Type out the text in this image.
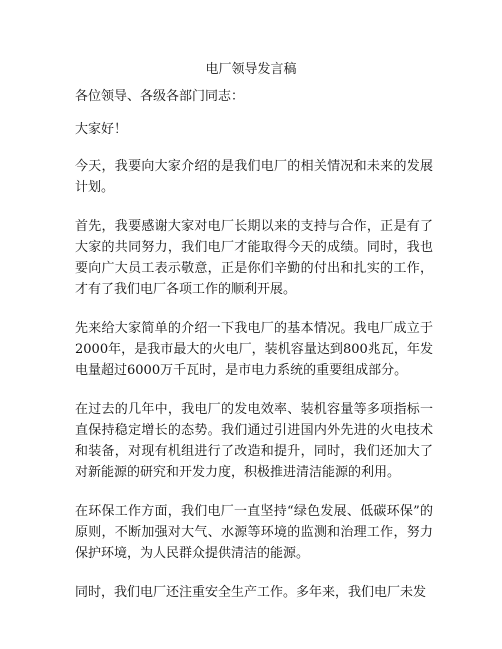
电厂领导发言稿

各位领导、各级各部门同志：

大家好！

今天，我要向大家介绍的是我们电厂的相关情况和未来的发展计划。

首先，我要感谢大家对电厂长期以来的支持与合作，正是有了大家的共同努力，我们电厂才能取得今天的成绩。同时，我也要向广大员工表示敬意，正是你们辛勤的付出和扎实的工作，才有了我们电厂各项工作的顺利开展。

先来给大家简单的介绍一下我电厂的基本情况。我电厂成立于2000年，是我市最大的火电厂，装机容量达到800兆瓦，年发电量超过6000万千瓦时，是市电力系统的重要组成部分。

在过去的几年中，我电厂的发电效率、装机容量等多项指标一直保持稳定增长的态势。我们通过引进国内外先进的火电技术和装备，对现有机组进行了改造和提升，同时，我们还加大了对新能源的研究和开发力度，积极推进清洁能源的利用。

在环保工作方面，我们电厂一直坚持“绿色发展、低碳环保”的原则，不断加强对大气、水源等环境的监测和治理工作，努力保护环境，为人民群众提供清洁的能源。

同时，我们电厂还注重安全生产工作。多年来，我们电厂未发
